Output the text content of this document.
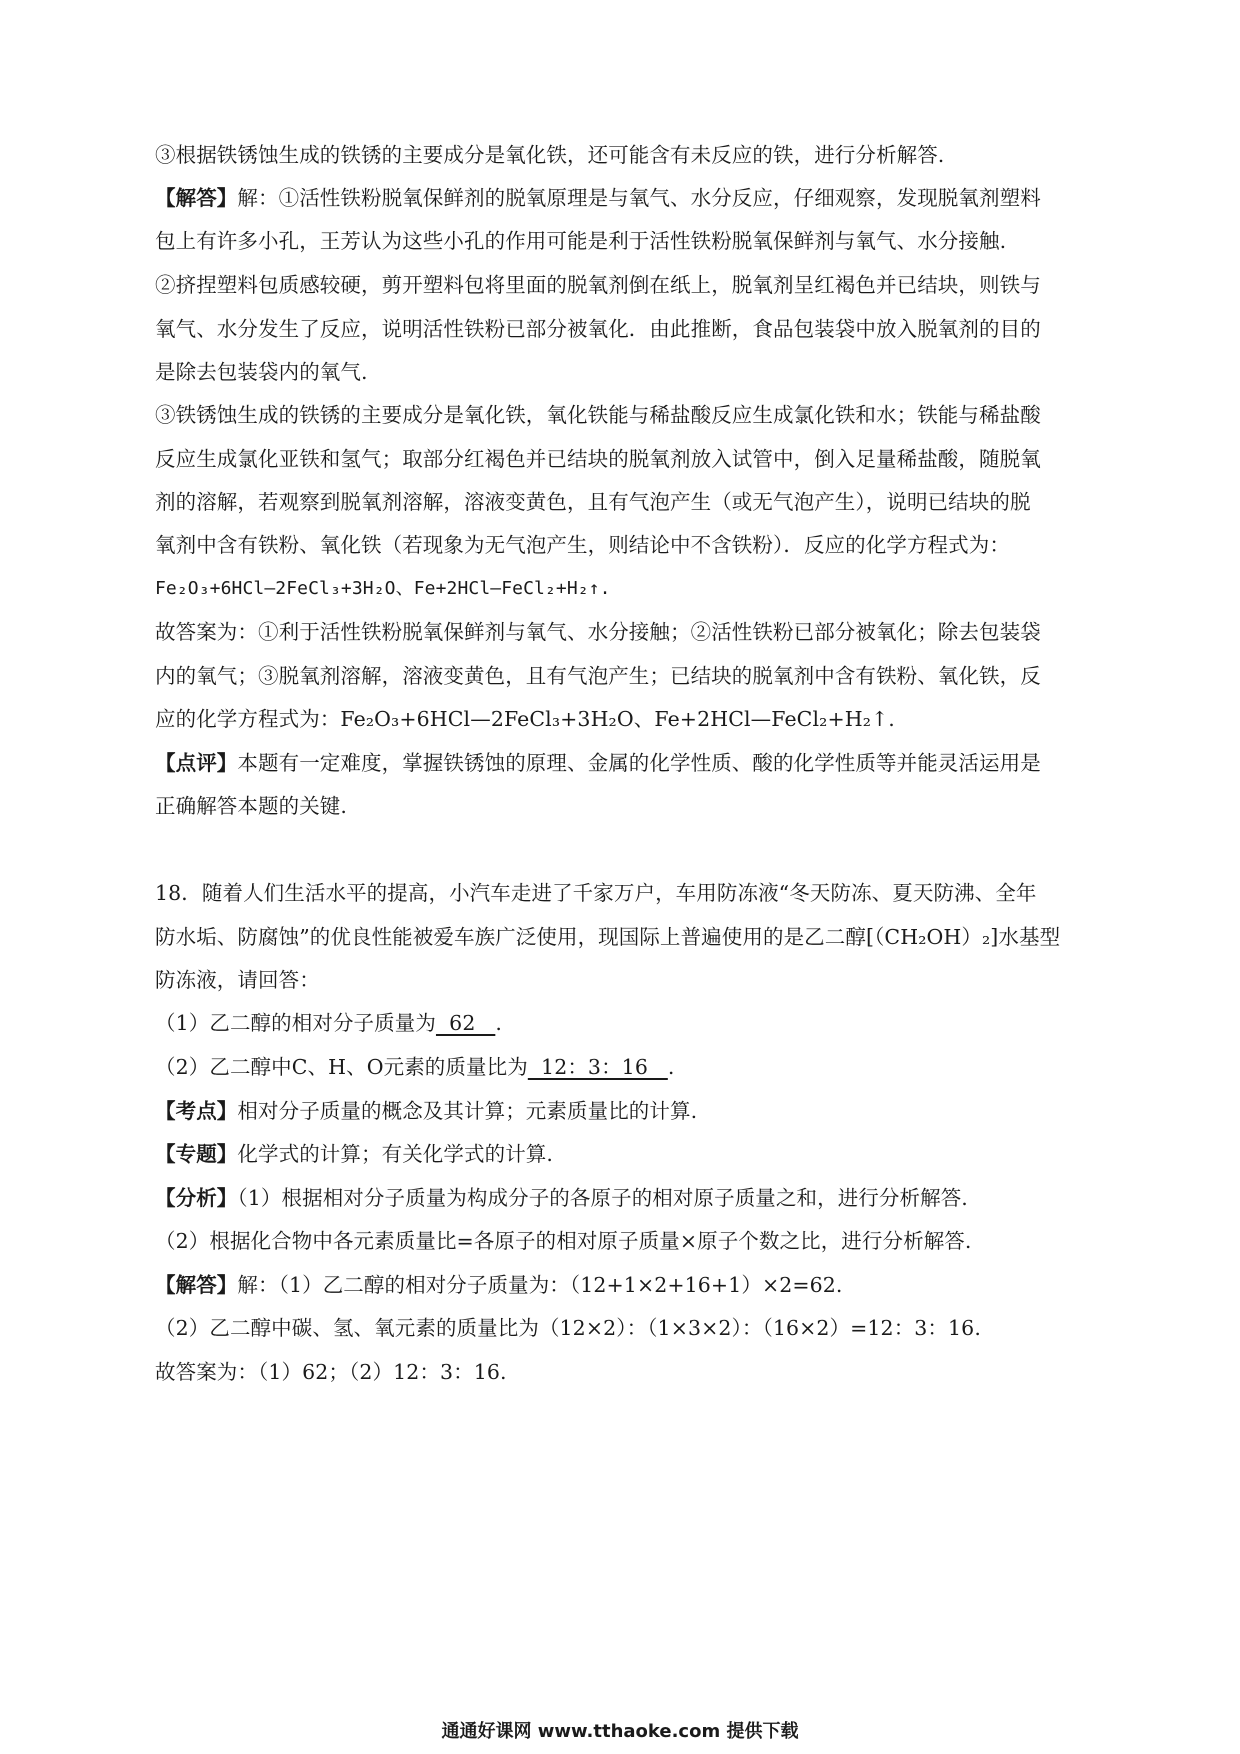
③根据铁锈蚀生成的铁锈的主要成分是氧化铁，还可能含有未反应的铁，进行分析解答.
【解答】解：①活性铁粉脱氧保鲜剂的脱氧原理是与氧气、水分反应，仔细观察，发现脱氧剂塑料
包上有许多小孔，王芳认为这些小孔的作用可能是利于活性铁粉脱氧保鲜剂与氧气、水分接触.
②挤捏塑料包质感较硬，剪开塑料包将里面的脱氧剂倒在纸上，脱氧剂呈红褐色并已结块，则铁与
氧气、水分发生了反应，说明活性铁粉已部分被氧化．由此推断，食品包装袋中放入脱氧剂的目的
是除去包装袋内的氧气.
③铁锈蚀生成的铁锈的主要成分是氧化铁，氧化铁能与稀盐酸反应生成氯化铁和水；铁能与稀盐酸
反应生成氯化亚铁和氢气；取部分红褐色并已结块的脱氧剂放入试管中，倒入足量稀盐酸，随脱氧
剂的溶解，若观察到脱氧剂溶解，溶液变黄色，且有气泡产生（或无气泡产生），说明已结块的脱
氧剂中含有铁粉、氧化铁（若现象为无气泡产生，则结论中不含铁粉）．反应的化学方程式为：
Fe₂O₃+6HCl—2FeCl₃+3H₂O、Fe+2HCl—FeCl₂+H₂↑.
故答案为：①利于活性铁粉脱氧保鲜剂与氧气、水分接触；②活性铁粉已部分被氧化；除去包装袋
内的氧气；③脱氧剂溶解，溶液变黄色，且有气泡产生；已结块的脱氧剂中含有铁粉、氧化铁，反
应的化学方程式为：Fe₂O₃+6HCl—2FeCl₃+3H₂O、Fe+2HCl—FeCl₂+H₂↑.
【点评】本题有一定难度，掌握铁锈蚀的原理、金属的化学性质、酸的化学性质等并能灵活运用是
正确解答本题的关键.
18．随着人们生活水平的提高，小汽车走进了千家万户，车用防冻液“冬天防冻、夏天防沸、全年
防水垢、防腐蚀”的优良性能被爱车族广泛使用，现国际上普遍使用的是乙二醇[（CH₂OH）₂]水基型
防冻液，请回答：
（1）乙二醇的相对分子质量为  62   .
（2）乙二醇中C、H、O元素的质量比为  12：3：16   .
【考点】相对分子质量的概念及其计算；元素质量比的计算.
【专题】化学式的计算；有关化学式的计算.
【分析】（1）根据相对分子质量为构成分子的各原子的相对原子质量之和，进行分析解答.
（2）根据化合物中各元素质量比=各原子的相对原子质量×原子个数之比，进行分析解答.
【解答】解：（1）乙二醇的相对分子质量为：（12+1×2+16+1）×2=62.
（2）乙二醇中碳、氢、氧元素的质量比为（12×2）：（1×3×2）：（16×2）=12：3：16.
故答案为：（1）62；（2）12：3：16.
通通好课网 www.tthaoke.com 提供下载
